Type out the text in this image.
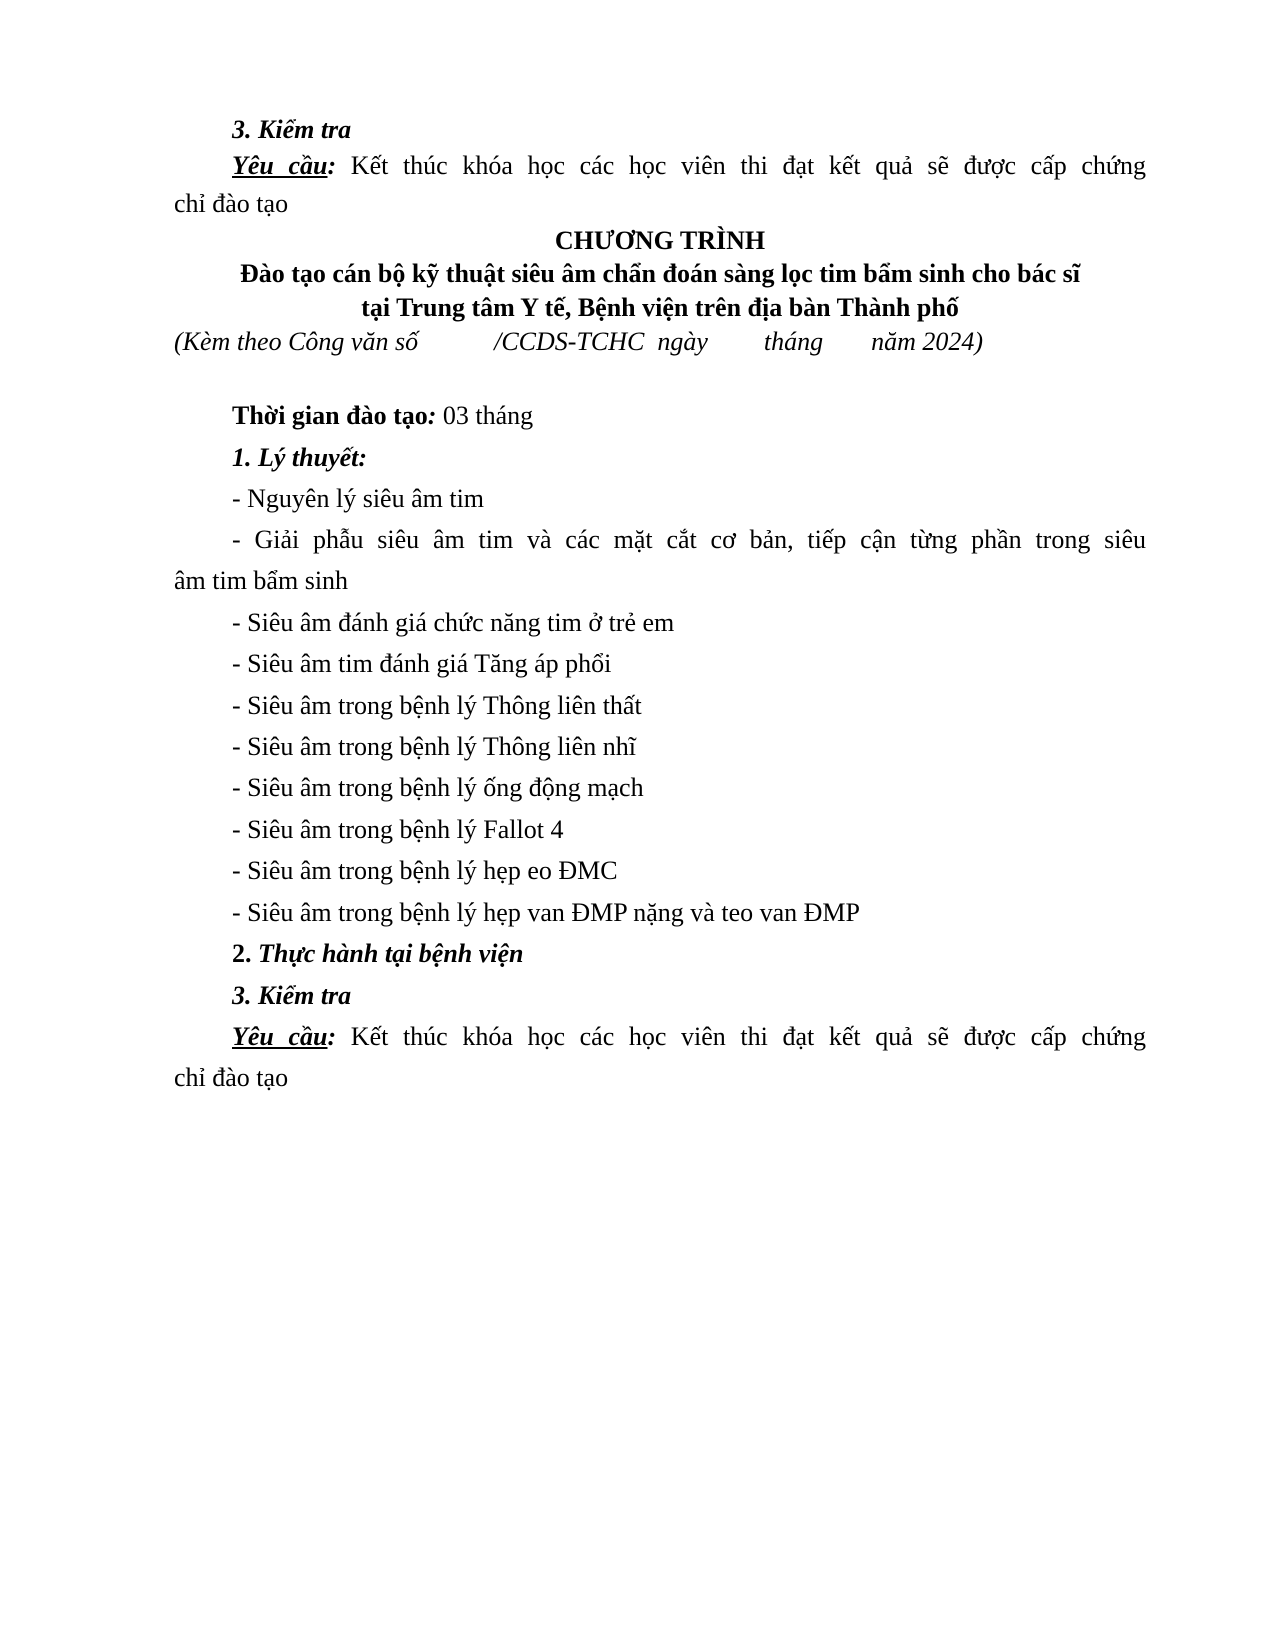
3. Kiểm tra
Yêu cầu: Kết thúc khóa học các học viên thi đạt kết quả sẽ được cấp chứng
chỉ đào tạo
CHƯƠNG TRÌNH
Đào tạo cán bộ kỹ thuật siêu âm chẩn đoán sàng lọc tim bẩm sinh cho bác sĩ
tại Trung tâm Y tế, Bệnh viện trên địa bàn Thành phố
(Kèm theo Công văn số	/CCDS-TCHC  ngày tháng năm 2024)
Thời gian đào tạo: 03 tháng
1. Lý thuyết:
- Nguyên lý siêu âm tim
- Giải phẫu siêu âm tim và các mặt cắt cơ bản, tiếp cận từng phần trong siêu
âm tim bẩm sinh
- Siêu âm đánh giá chức năng tim ở trẻ em
- Siêu âm tim đánh giá Tăng áp phổi
- Siêu âm trong bệnh lý Thông liên thất
- Siêu âm trong bệnh lý Thông liên nhĩ
- Siêu âm trong bệnh lý ống động mạch
- Siêu âm trong bệnh lý Fallot 4
- Siêu âm trong bệnh lý hẹp eo ĐMC
- Siêu âm trong bệnh lý hẹp van ĐMP nặng và teo van ĐMP
2. Thực hành tại bệnh viện
3. Kiểm tra
Yêu cầu: Kết thúc khóa học các học viên thi đạt kết quả sẽ được cấp chứng
chỉ đào tạo
